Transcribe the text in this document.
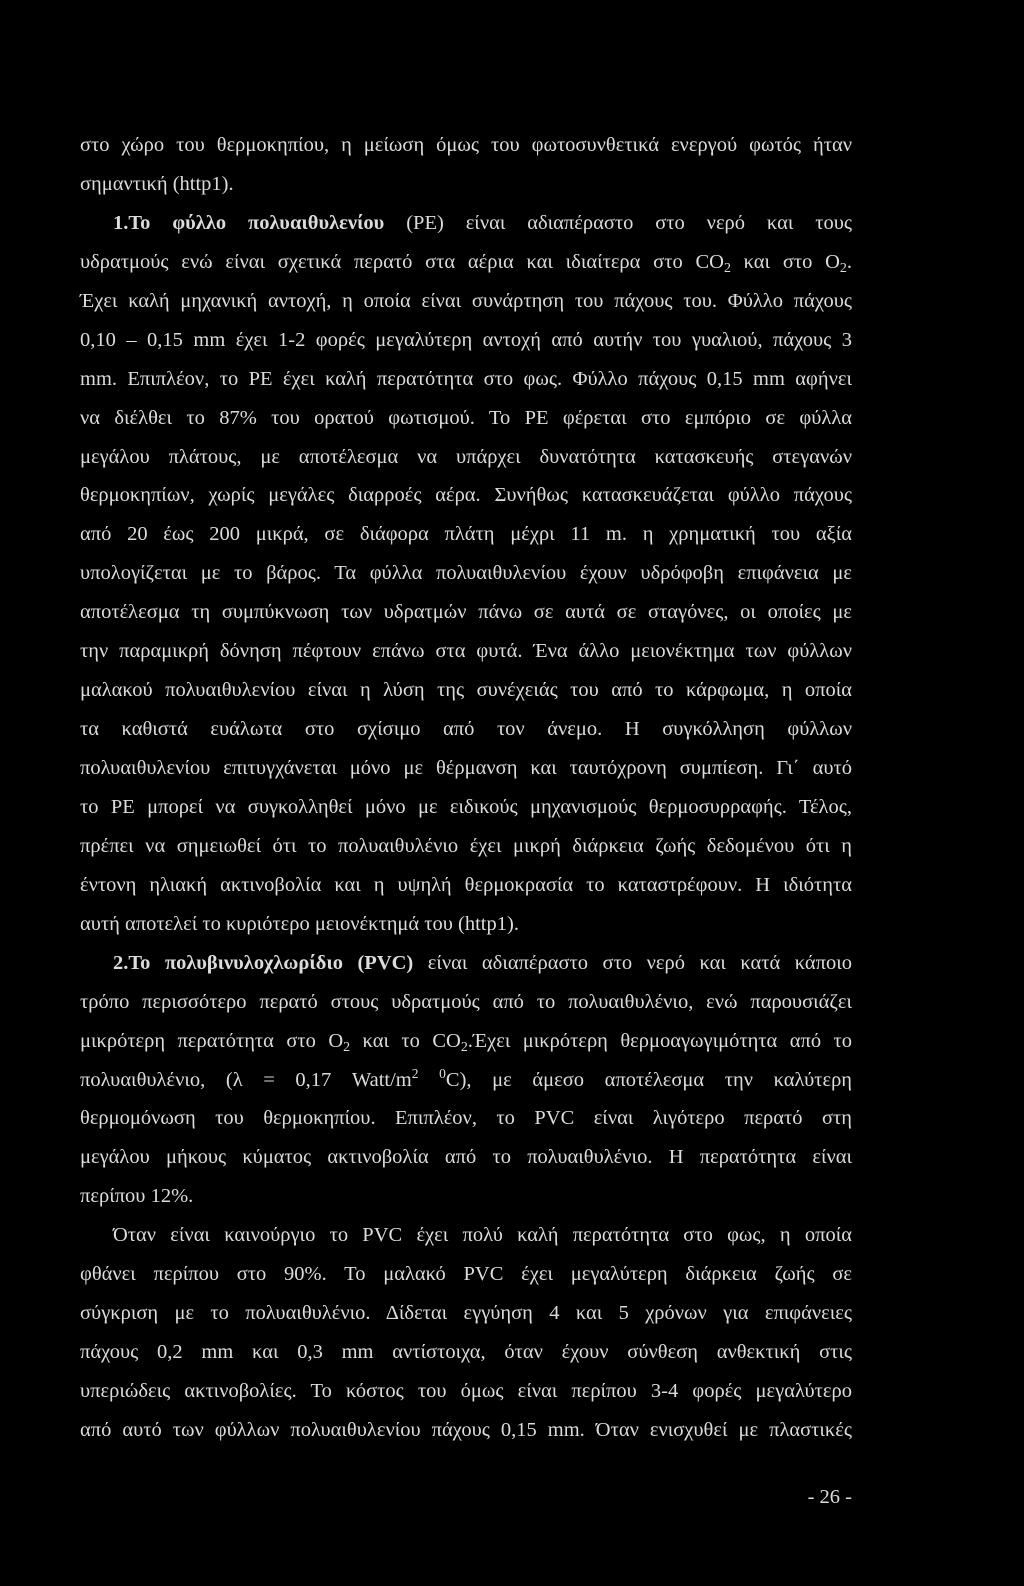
στο χώρο του θερμοκηπίου, η μείωση όμως του φωτοσυνθετικά ενεργού φωτός ήταν
σημαντική (http1).
1.Το φύλλο πολυαιθυλενίου (PE) είναι αδιαπέραστο στο νερό και τους
υδρατμούς ενώ είναι σχετικά περατό στα αέρια και ιδιαίτερα στο $CO_2$ και στο $O_2$.
Έχει καλή μηχανική αντοχή, η οποία είναι συνάρτηση του πάχους του. Φύλλο πάχους
0,10 – 0,15 mm έχει 1-2 φορές μεγαλύτερη αντοχή από αυτήν του γυαλιού, πάχους 3
mm. Επιπλέον, το PE έχει καλή περατότητα στο φως. Φύλλο πάχους 0,15 mm αφήνει
να διέλθει το 87% του ορατού φωτισμού. Το PE φέρεται στο εμπόριο σε φύλλα
μεγάλου πλάτους, με αποτέλεσμα να υπάρχει δυνατότητα κατασκευής στεγανών
θερμοκηπίων, χωρίς μεγάλες διαρροές αέρα. Συνήθως κατασκευάζεται φύλλο πάχους
από 20 έως 200 μικρά, σε διάφορα πλάτη μέχρι 11 m. η χρηματική του αξία
υπολογίζεται με το βάρος. Τα φύλλα πολυαιθυλενίου έχουν υδρόφοβη επιφάνεια με
αποτέλεσμα τη συμπύκνωση των υδρατμών πάνω σε αυτά σε σταγόνες, οι οποίες με
την παραμικρή δόνηση πέφτουν επάνω στα φυτά. Ένα άλλο μειονέκτημα των φύλλων
μαλακού πολυαιθυλενίου είναι η λύση της συνέχειάς του από το κάρφωμα, η οποία
τα καθιστά ευάλωτα στο σχίσιμο από τον άνεμο. Η συγκόλληση φύλλων
πολυαιθυλενίου επιτυγχάνεται μόνο με θέρμανση και ταυτόχρονη συμπίεση. Γι΄ αυτό
το PE μπορεί να συγκολληθεί μόνο με ειδικούς μηχανισμούς θερμοσυρραφής. Τέλος,
πρέπει να σημειωθεί ότι το πολυαιθυλένιο έχει μικρή διάρκεια ζωής δεδομένου ότι η
έντονη ηλιακή ακτινοβολία και η υψηλή θερμοκρασία το καταστρέφουν. Η ιδιότητα
αυτή αποτελεί το κυριότερο μειονέκτημά του (http1).
2.Το πολυβινυλοχλωρίδιο (PVC) είναι αδιαπέραστο στο νερό και κατά κάποιο
τρόπο περισσότερο περατό στους υδρατμούς από το πολυαιθυλένιο, ενώ παρουσιάζει
μικρότερη περατότητα στο $O_2$ και το $CO_2.Έ\chi\varepsilon\iota$ μικρότερη θερμοαγωγιμότητα από το
πολυαιθυλένιο, (λ = 0,17 Watt/$m^2$ $^0$C), με άμεσο αποτέλεσμα την καλύτερη
θερμομόνωση του θερμοκηπίου. Επιπλέον, το PVC είναι λιγότερο περατό στη
μεγάλου μήκους κύματος ακτινοβολία από το πολυαιθυλένιο. Η περατότητα είναι
περίπου 12%.
Όταν είναι καινούργιο το PVC έχει πολύ καλή περατότητα στο φως, η οποία
φθάνει περίπου στο 90%. Το μαλακό PVC έχει μεγαλύτερη διάρκεια ζωής σε
σύγκριση με το πολυαιθυλένιο. Δίδεται εγγύηση 4 και 5 χρόνων για επιφάνειες
πάχους 0,2 mm και 0,3 mm αντίστοιχα, όταν έχουν σύνθεση ανθεκτική στις
υπεριώδεις ακτινοβολίες. Το κόστος του όμως είναι περίπου 3-4 φορές μεγαλύτερο
από αυτό των φύλλων πολυαιθυλενίου πάχους 0,15 mm. Όταν ενισχυθεί με πλαστικές
- 26 -
